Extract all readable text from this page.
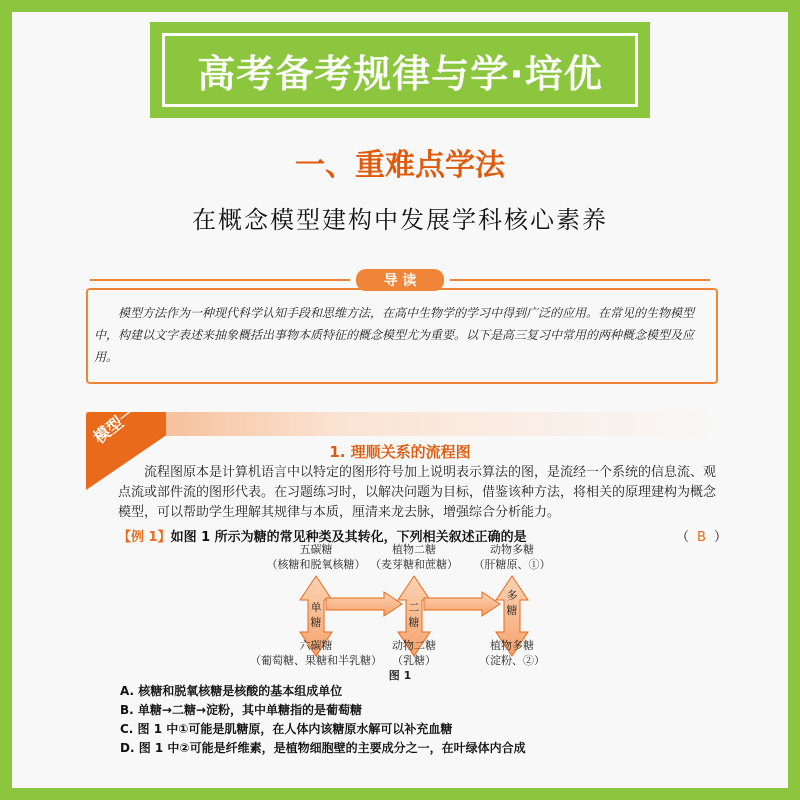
高考备考规律与学·培优
一、重难点学法
在概念模型建构中发展学科核心素养
导 读
模型方法作为一种现代科学认知手段和思维方法，在高中生物学的学习中得到广泛的应用。在常见的生物模型中，构建以文字表述来抽象概括出事物本质特征的概念模型尤为重要。以下是高三复习中常用的两种概念模型及应用。
模型一
1. 理顺关系的流程图
流程图原本是计算机语言中以特定的图形符号加上说明表示算法的图，是流经一个系统的信息流、观点流或部件流的图形代表。在习题练习时，以解决问题为目标，借鉴该种方法，将相关的原理建构为概念模型，可以帮助学生理解其规律与本质，厘清来龙去脉，增强综合分析能力。
【例 1】如图 1 所示为糖的常见种类及其转化，下列相关叙述正确的是	（ B ）
五碳糖
（核糖和脱氧核糖）
植物二糖
（麦芽糖和蔗糖）
动物多糖
（肝糖原、①）
单
糖
二
糖
多
糖
六碳糖
（葡萄糖、果糖和半乳糖）
动物二糖
（乳糖）
植物多糖
（淀粉、②）
图 1
A. 核糖和脱氧核糖是核酸的基本组成单位
B. 单糖→二糖→淀粉，其中单糖指的是葡萄糖
C. 图 1 中①可能是肌糖原，在人体内该糖原水解可以补充血糖
D. 图 1 中②可能是纤维素，是植物细胞壁的主要成分之一，在叶绿体内合成
